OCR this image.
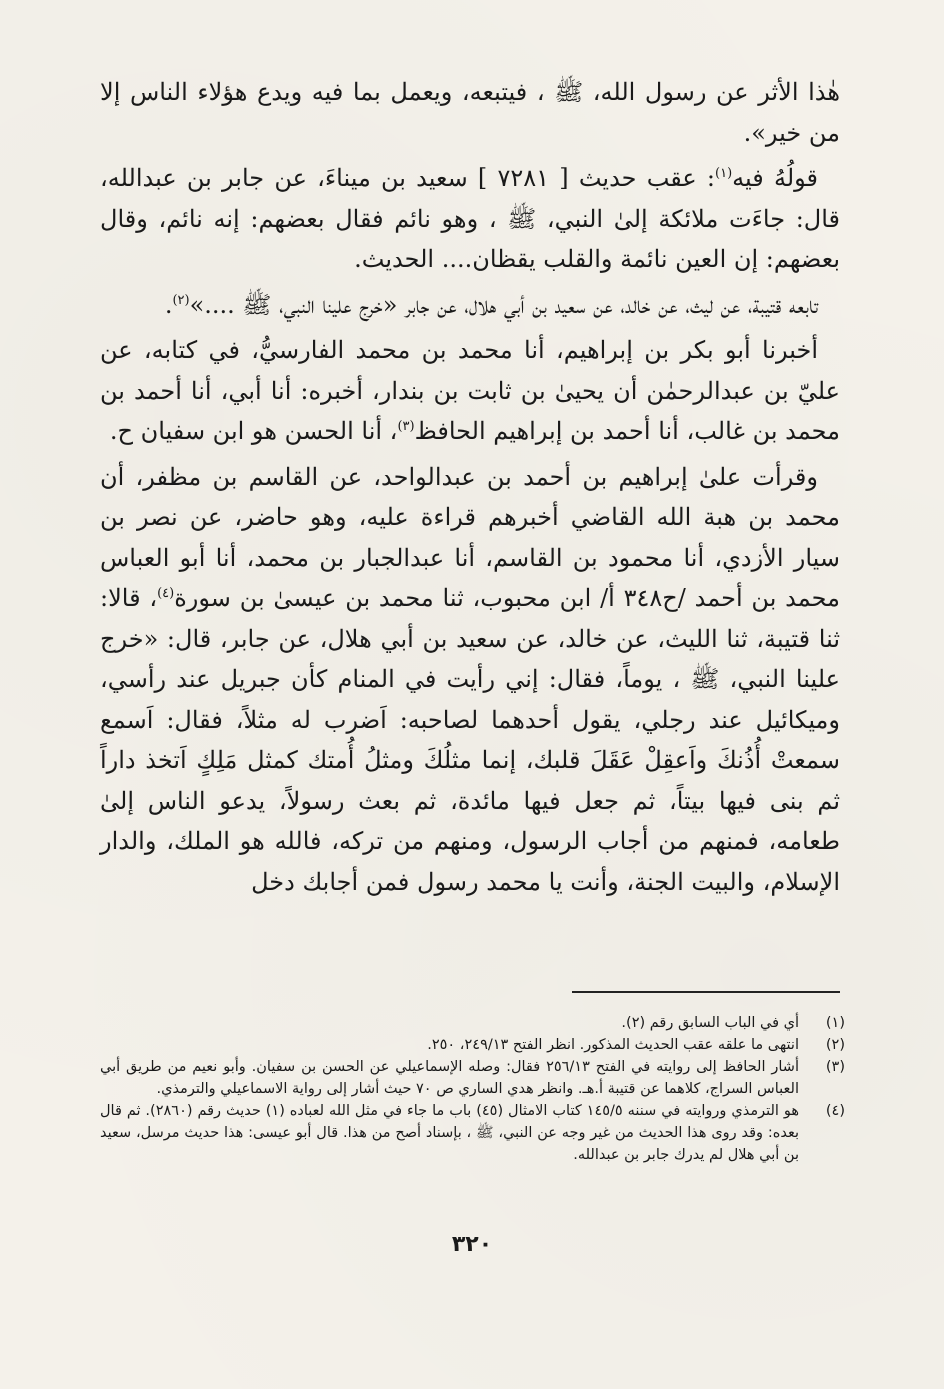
هٰذا الأثر عن رسول الله، ﷺ ، فيتبعه، ويعمل بما فيه ويدع هؤلاء الناس إلا من خير».

قولُهُ فيه$^{(١)}$: عقب حديث [ ٧٢٨١ ] سعيد بن ميناءَ، عن جابر بن عبدالله، قال: جاءَت ملائكة إلىٰ النبي، ﷺ ، وهو نائم فقال بعضهم: إنه نائم، وقال بعضهم: إن العين نائمة والقلب يقظان.... الحديث.

تابعه قتيبة، عن ليث، عن خالد، عن سعيد بن أبي هلال، عن جابر «خرج علينا النبي، ﷺ ....»$^{(٢)}$.

أخبرنا أبو بكر بن إبراهيم، أنا محمد بن محمد الفارسيُّ، في كتابه، عن عليّ بن عبدالرحمٰن أن يحيىٰ بن ثابت بن بندار، أخبره: أنا أبي، أنا أحمد بن محمد بن غالب، أنا أحمد بن إبراهيم الحافظ$^{(٣)}$، أنا الحسن هو ابن سفيان ح.

وقرأت علىٰ إبراهيم بن أحمد بن عبدالواحد، عن القاسم بن مظفر، أن محمد بن هبة الله القاضي أخبرهم قراءة عليه، وهو حاضر، عن نصر بن سيار الأزدي، أنا محمود بن القاسم، أنا عبدالجبار بن محمد، أنا أبو العباس محمد بن أحمد /ح٣٤٨ أ/ ابن محبوب، ثنا محمد بن عيسىٰ بن سورة$^{(٤)}$، قالا: ثنا قتيبة، ثنا الليث، عن خالد، عن سعيد بن أبي هلال، عن جابر، قال: «خرج علينا النبي، ﷺ ، يوماً، فقال: إني رأيت في المنام كأن جبريل عند رأسي، وميكائيل عند رجلي، يقول أحدهما لصاحبه: اَضرب له مثلاً، فقال: اَسمع سمعتْ أُذُنكَ واَعقِلْ عَقَلَ قلبك، إنما مثلُكَ ومثلُ أُمتك كمثل مَلِكٍ اَتخذ داراً ثم بنى فيها بيتاً، ثم جعل فيها مائدة، ثم بعث رسولاً، يدعو الناس إلىٰ طعامه، فمنهم من أجاب الرسول، ومنهم من تركه، فالله هو الملك، والدار الإسلام، والبيت الجنة، وأنت يا محمد رسول فمن أجابك دخل

(١)
أي في الباب السابق رقم (٢).
(٢)
انتهى ما علقه عقب الحديث المذكور. انظر الفتح ٢٤٩/١٣، ٢٥٠.
(٣)
أشار الحافظ إلى روايته في الفتح ٢٥٦/١٣ فقال: وصله الإسماعيلي عن الحسن بن سفيان. وأبو نعيم من طريق أبي العباس السراج، كلاهما عن قتيبة أ.هـ. وانظر هدي الساري ص ٧٠ حيث أشار إلى رواية الاسماعيلي والترمذي.
(٤)
هو الترمذي وروايته في سننه ١٤٥/٥ كتاب الامثال (٤٥) باب ما جاء في مثل الله لعباده (١) حديث رقم (٢٨٦٠). ثم قال بعده: وقد روى هذا الحديث من غير وجه عن النبي، ﷺ ، بإسناد أصح من هذا. قال أبو عيسى: هذا حديث مرسل، سعيد بن أبي هلال لم يدرك جابر بن عبدالله.
٣٢٠
